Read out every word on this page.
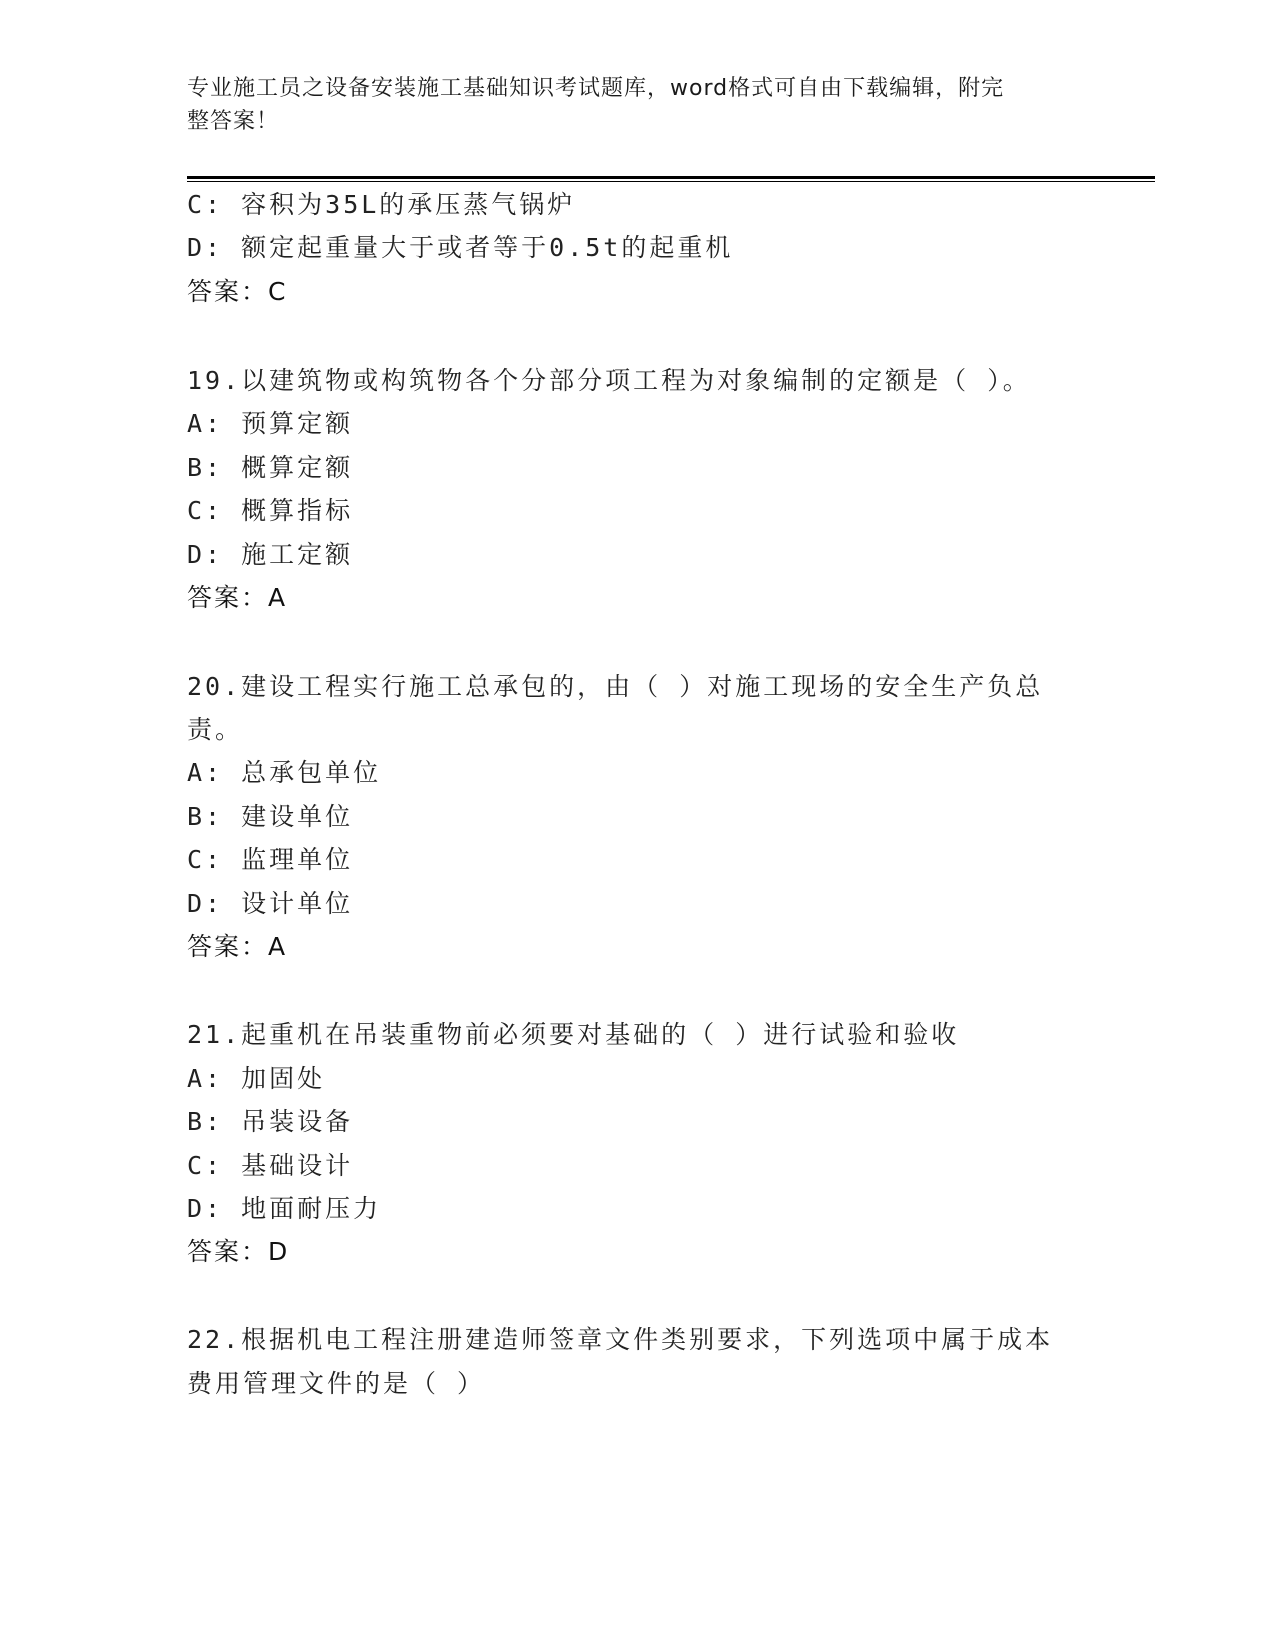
专业施工员之设备安装施工基础知识考试题库，word格式可自由下载编辑，附完
整答案！
C: 容积为35L的承压蒸气锅炉
D: 额定起重量大于或者等于0.5t的起重机
答案：C
19.以建筑物或构筑物各个分部分项工程为对象编制的定额是（ ）。
A: 预算定额
B: 概算定额
C: 概算指标
D: 施工定额
答案：A
20.建设工程实行施工总承包的，由（ ）对施工现场的安全生产负总
责。
A: 总承包单位
B: 建设单位
C: 监理单位
D: 设计单位
答案：A
21.起重机在吊装重物前必须要对基础的（ ）进行试验和验收
A: 加固处
B: 吊装设备
C: 基础设计
D: 地面耐压力
答案：D
22.根据机电工程注册建造师签章文件类别要求，下列选项中属于成本
费用管理文件的是（ ）
